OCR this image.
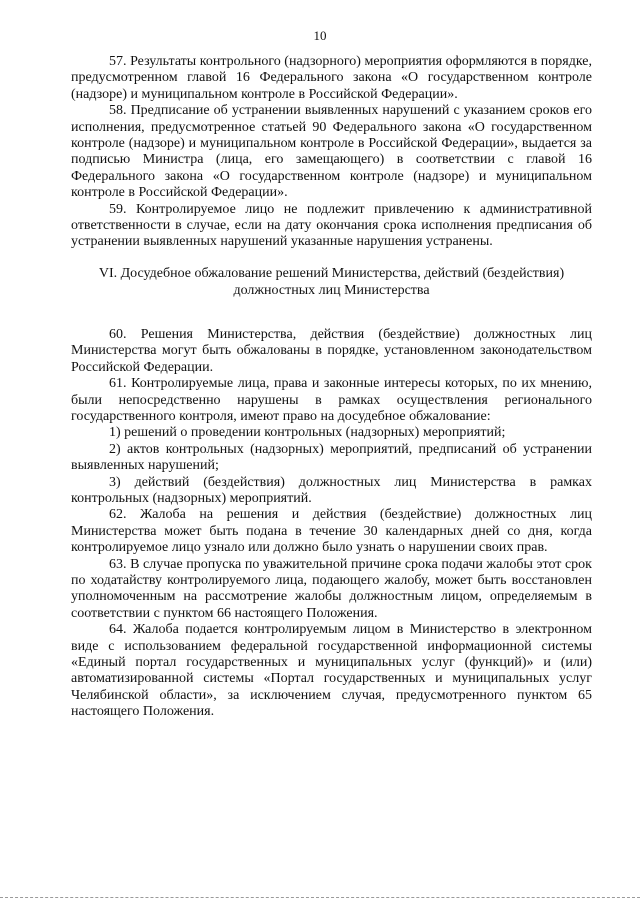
10

57. Результаты контрольного (надзорного) мероприятия оформляются в порядке, предусмотренном главой 16 Федерального закона «О государственном контроле (надзоре) и муниципальном контроле в Российской Федерации».

58. Предписание об устранении выявленных нарушений с указанием сроков его исполнения, предусмотренное статьей 90 Федерального закона «О государственном контроле (надзоре) и муниципальном контроле в Российской Федерации», выдается за подписью Министра (лица, его замещающего) в соответствии с главой 16 Федерального закона «О государственном контроле (надзоре) и муниципальном контроле в Российской Федерации».

59. Контролируемое лицо не подлежит привлечению к административной ответственности в случае, если на дату окончания срока исполнения предписания об устранении выявленных нарушений указанные нарушения устранены.

VI. Досудебное обжалование решений Министерства, действий (бездействия)
должностных лиц Министерства

60. Решения Министерства, действия (бездействие) должностных лиц Министерства могут быть обжалованы в порядке, установленном законодательством Российской Федерации.

61. Контролируемые лица, права и законные интересы которых, по их мнению, были непосредственно нарушены в рамках осуществления регионального государственного контроля, имеют право на досудебное обжалование:

1) решений о проведении контрольных (надзорных) мероприятий;

2) актов контрольных (надзорных) мероприятий, предписаний об устранении выявленных нарушений;

3) действий (бездействия) должностных лиц Министерства в рамках контрольных (надзорных) мероприятий.

62. Жалоба на решения и действия (бездействие) должностных лиц Министерства может быть подана в течение 30 календарных дней со дня, когда контролируемое лицо узнало или должно было узнать о нарушении своих прав.

63. В случае пропуска по уважительной причине срока подачи жалобы этот срок по ходатайству контролируемого лица, подающего жалобу, может быть восстановлен уполномоченным на рассмотрение жалобы должностным лицом, определяемым в соответствии с пунктом 66 настоящего Положения.

64. Жалоба подается контролируемым лицом в Министерство в электронном виде с использованием федеральной государственной информационной системы «Единый портал государственных и муниципальных услуг (функций)» и (или) автоматизированной системы «Портал государственных и муниципальных услуг Челябинской области», за исключением случая, предусмотренного пунктом 65 настоящего Положения.
